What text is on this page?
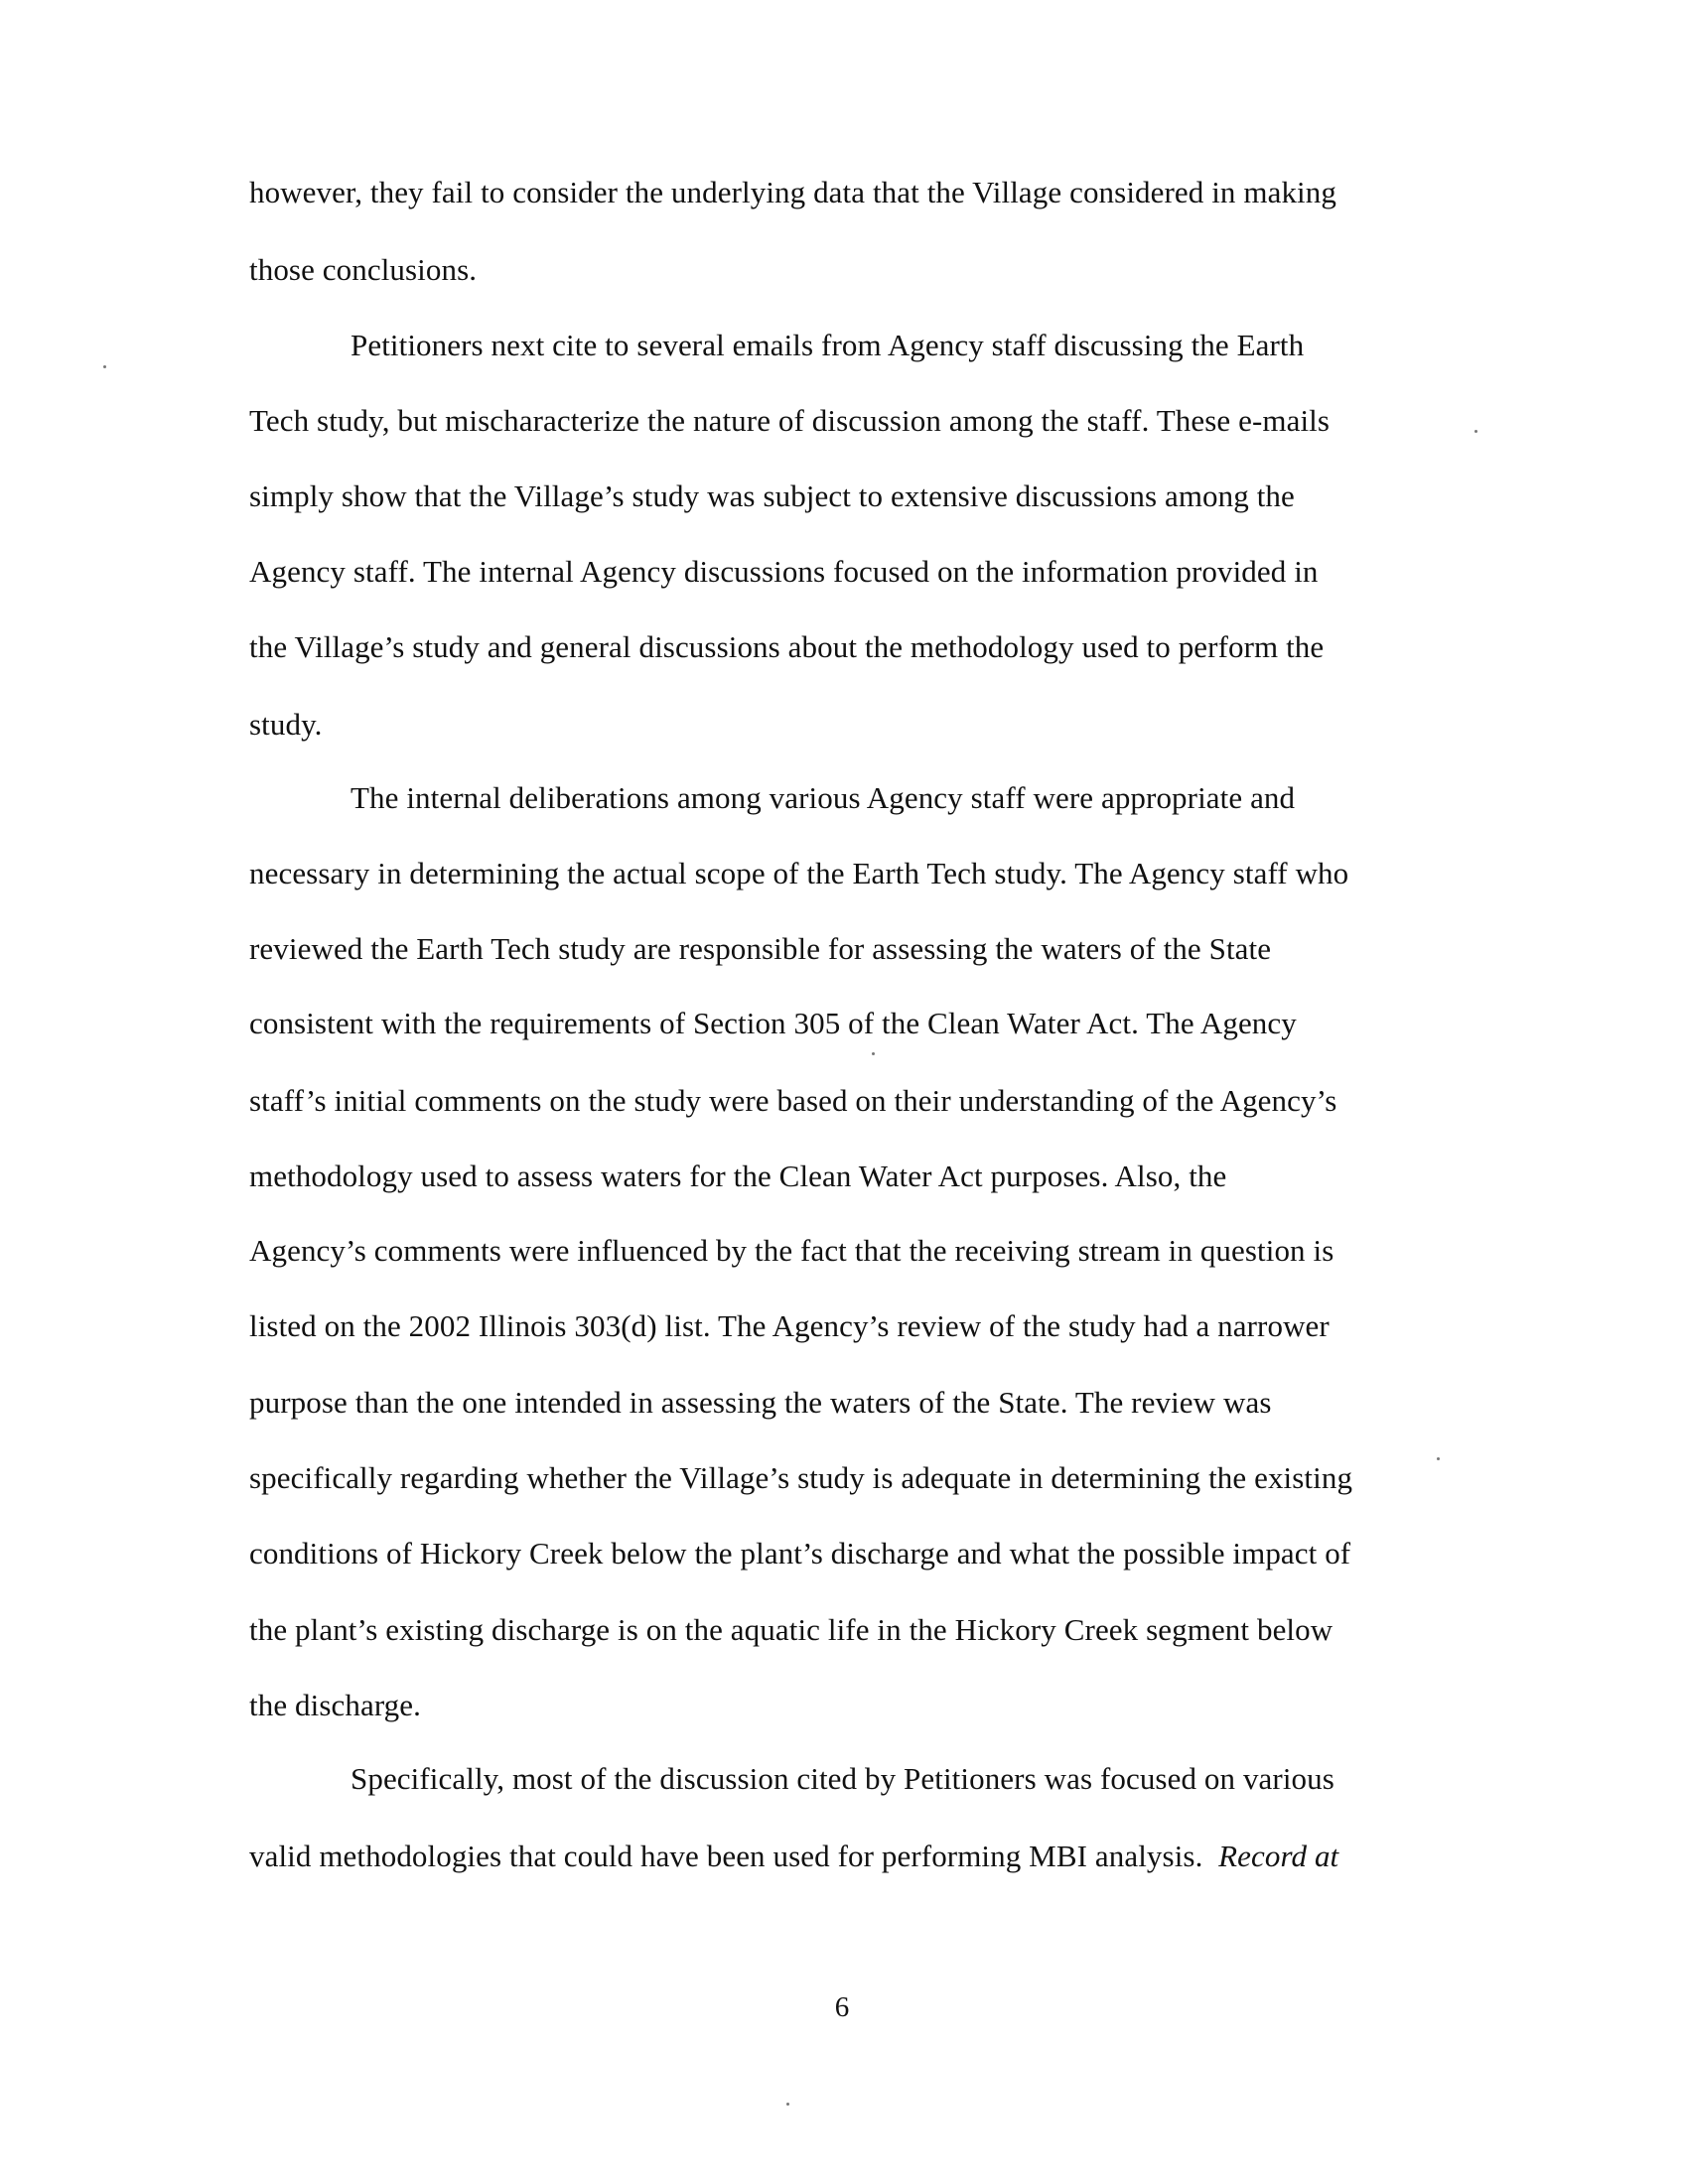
however, they fail to consider the underlying data that the Village considered in making
those conclusions.
Petitioners next cite to several emails from Agency staff discussing the Earth
Tech study, but mischaracterize the nature of discussion among the staff. These e-mails
simply show that the Village’s study was subject to extensive discussions among the
Agency staff. The internal Agency discussions focused on the information provided in
the Village’s study and general discussions about the methodology used to perform the
study.
The internal deliberations among various Agency staff were appropriate and
necessary in determining the actual scope of the Earth Tech study. The Agency staff who
reviewed the Earth Tech study are responsible for assessing the waters of the State
consistent with the requirements of Section 305 of the Clean Water Act. The Agency
staff’s initial comments on the study were based on their understanding of the Agency’s
methodology used to assess waters for the Clean Water Act purposes. Also, the
Agency’s comments were influenced by the fact that the receiving stream in question is
listed on the 2002 Illinois 303(d) list. The Agency’s review of the study had a narrower
purpose than the one intended in assessing the waters of the State. The review was
specifically regarding whether the Village’s study is adequate in determining the existing
conditions of Hickory Creek below the plant’s discharge and what the possible impact of
the plant’s existing discharge is on the aquatic life in the Hickory Creek segment below
the discharge.
Specifically, most of the discussion cited by Petitioners was focused on various
valid methodologies that could have been used for performing MBI analysis.  Record at
6
